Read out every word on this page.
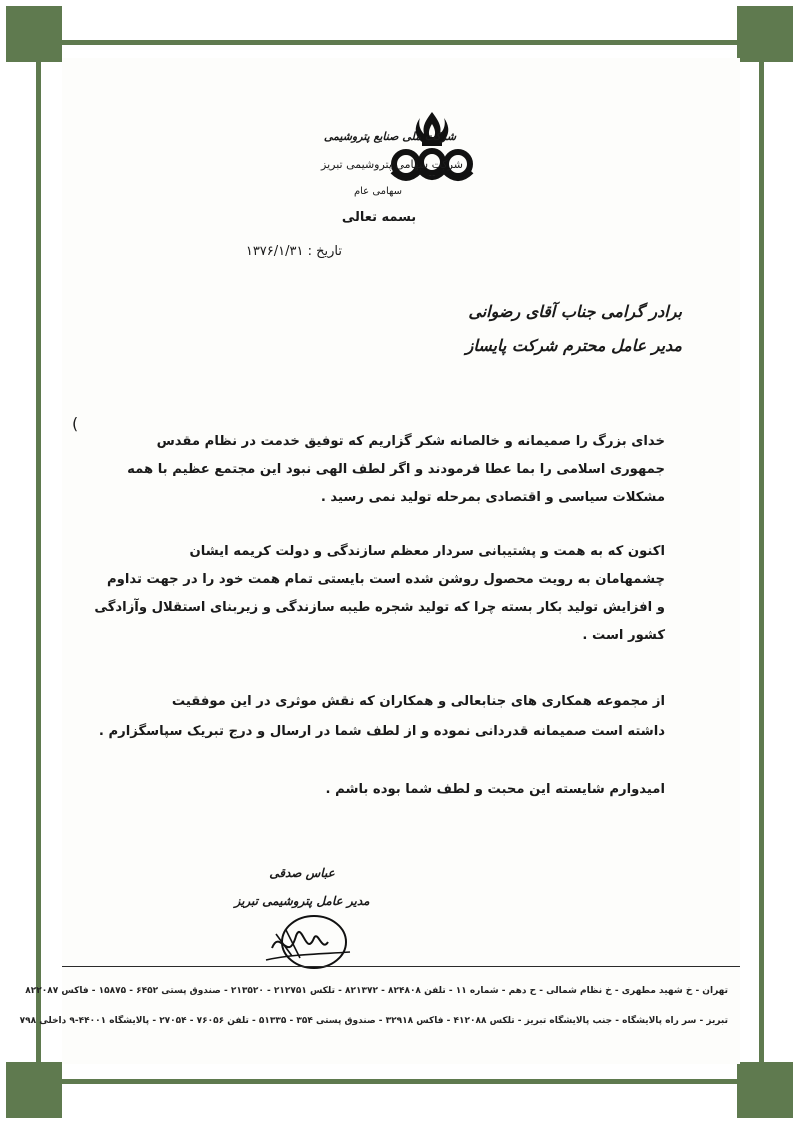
شرکت ملی صنایع پتروشیمی
شرکت سهامی پتروشیمی تبریز
سهامی عام
بسمه تعالی
تاریخ : ۱۳۷۶/۱/۳۱
برادر گرامی جناب آقای رضوانی
مدیر عامل محترم شرکت پایساز
خدای بزرگ را صمیمانه و خالصانه شکر گزاریم که توفیق خدمت در نظام مقدس
جمهوری اسلامی را بما عطا فرمودند و اگر لطف الهی نبود این مجتمع عظیم با همه
مشکلات سیاسی و اقتصادی بمرحله تولید نمی رسید .
اکنون که به همت و پشتیبانی سردار معظم سازندگی و دولت کریمه ایشان
چشمهامان به رویت محصول روشن شده است بایستی تمام همت خود را در جهت تداوم
و افزایش تولید بکار بسته چرا که تولید شجره طیبه سازندگی و زیربنای استقلال وآزادگی
کشور است .
از مجموعه همکاری های جنابعالی و همکاران که نقش موثری در این موفقیت
داشته است صمیمانه قدردانی نموده و از لطف شما در ارسال و درج تبریک سپاسگزارم .
امیدوارم شایسته این محبت و لطف شما بوده باشم .
عباس صدقی
مدیر عامل پتروشیمی تبریز
تهران - خ شهید مطهری - خ نظام شمالی - ح دهم - شماره ۱۱ - تلفن ۸۲۴۸۰۸ - ۸۲۱۳۷۲ - تلکس ۲۱۲۷۵۱ - ۲۱۳۵۲۰ - صندوق پستی ۶۴۵۲ - ۱۵۸۷۵ - فاکس ۸۲۲۰۸۷
تبریز - سر راه پالایشگاه - جنب پالایشگاه تبریز - تلکس ۴۱۲۰۸۸ - فاکس ۳۲۹۱۸ - صندوق پستی ۳۵۴ - ۵۱۳۳۵ - تلفن ۷۶۰۵۶ - ۲۷۰۵۴ - پالایشگاه ۴۴۰۰۱-۹ داخلی ۷۹۸
(
